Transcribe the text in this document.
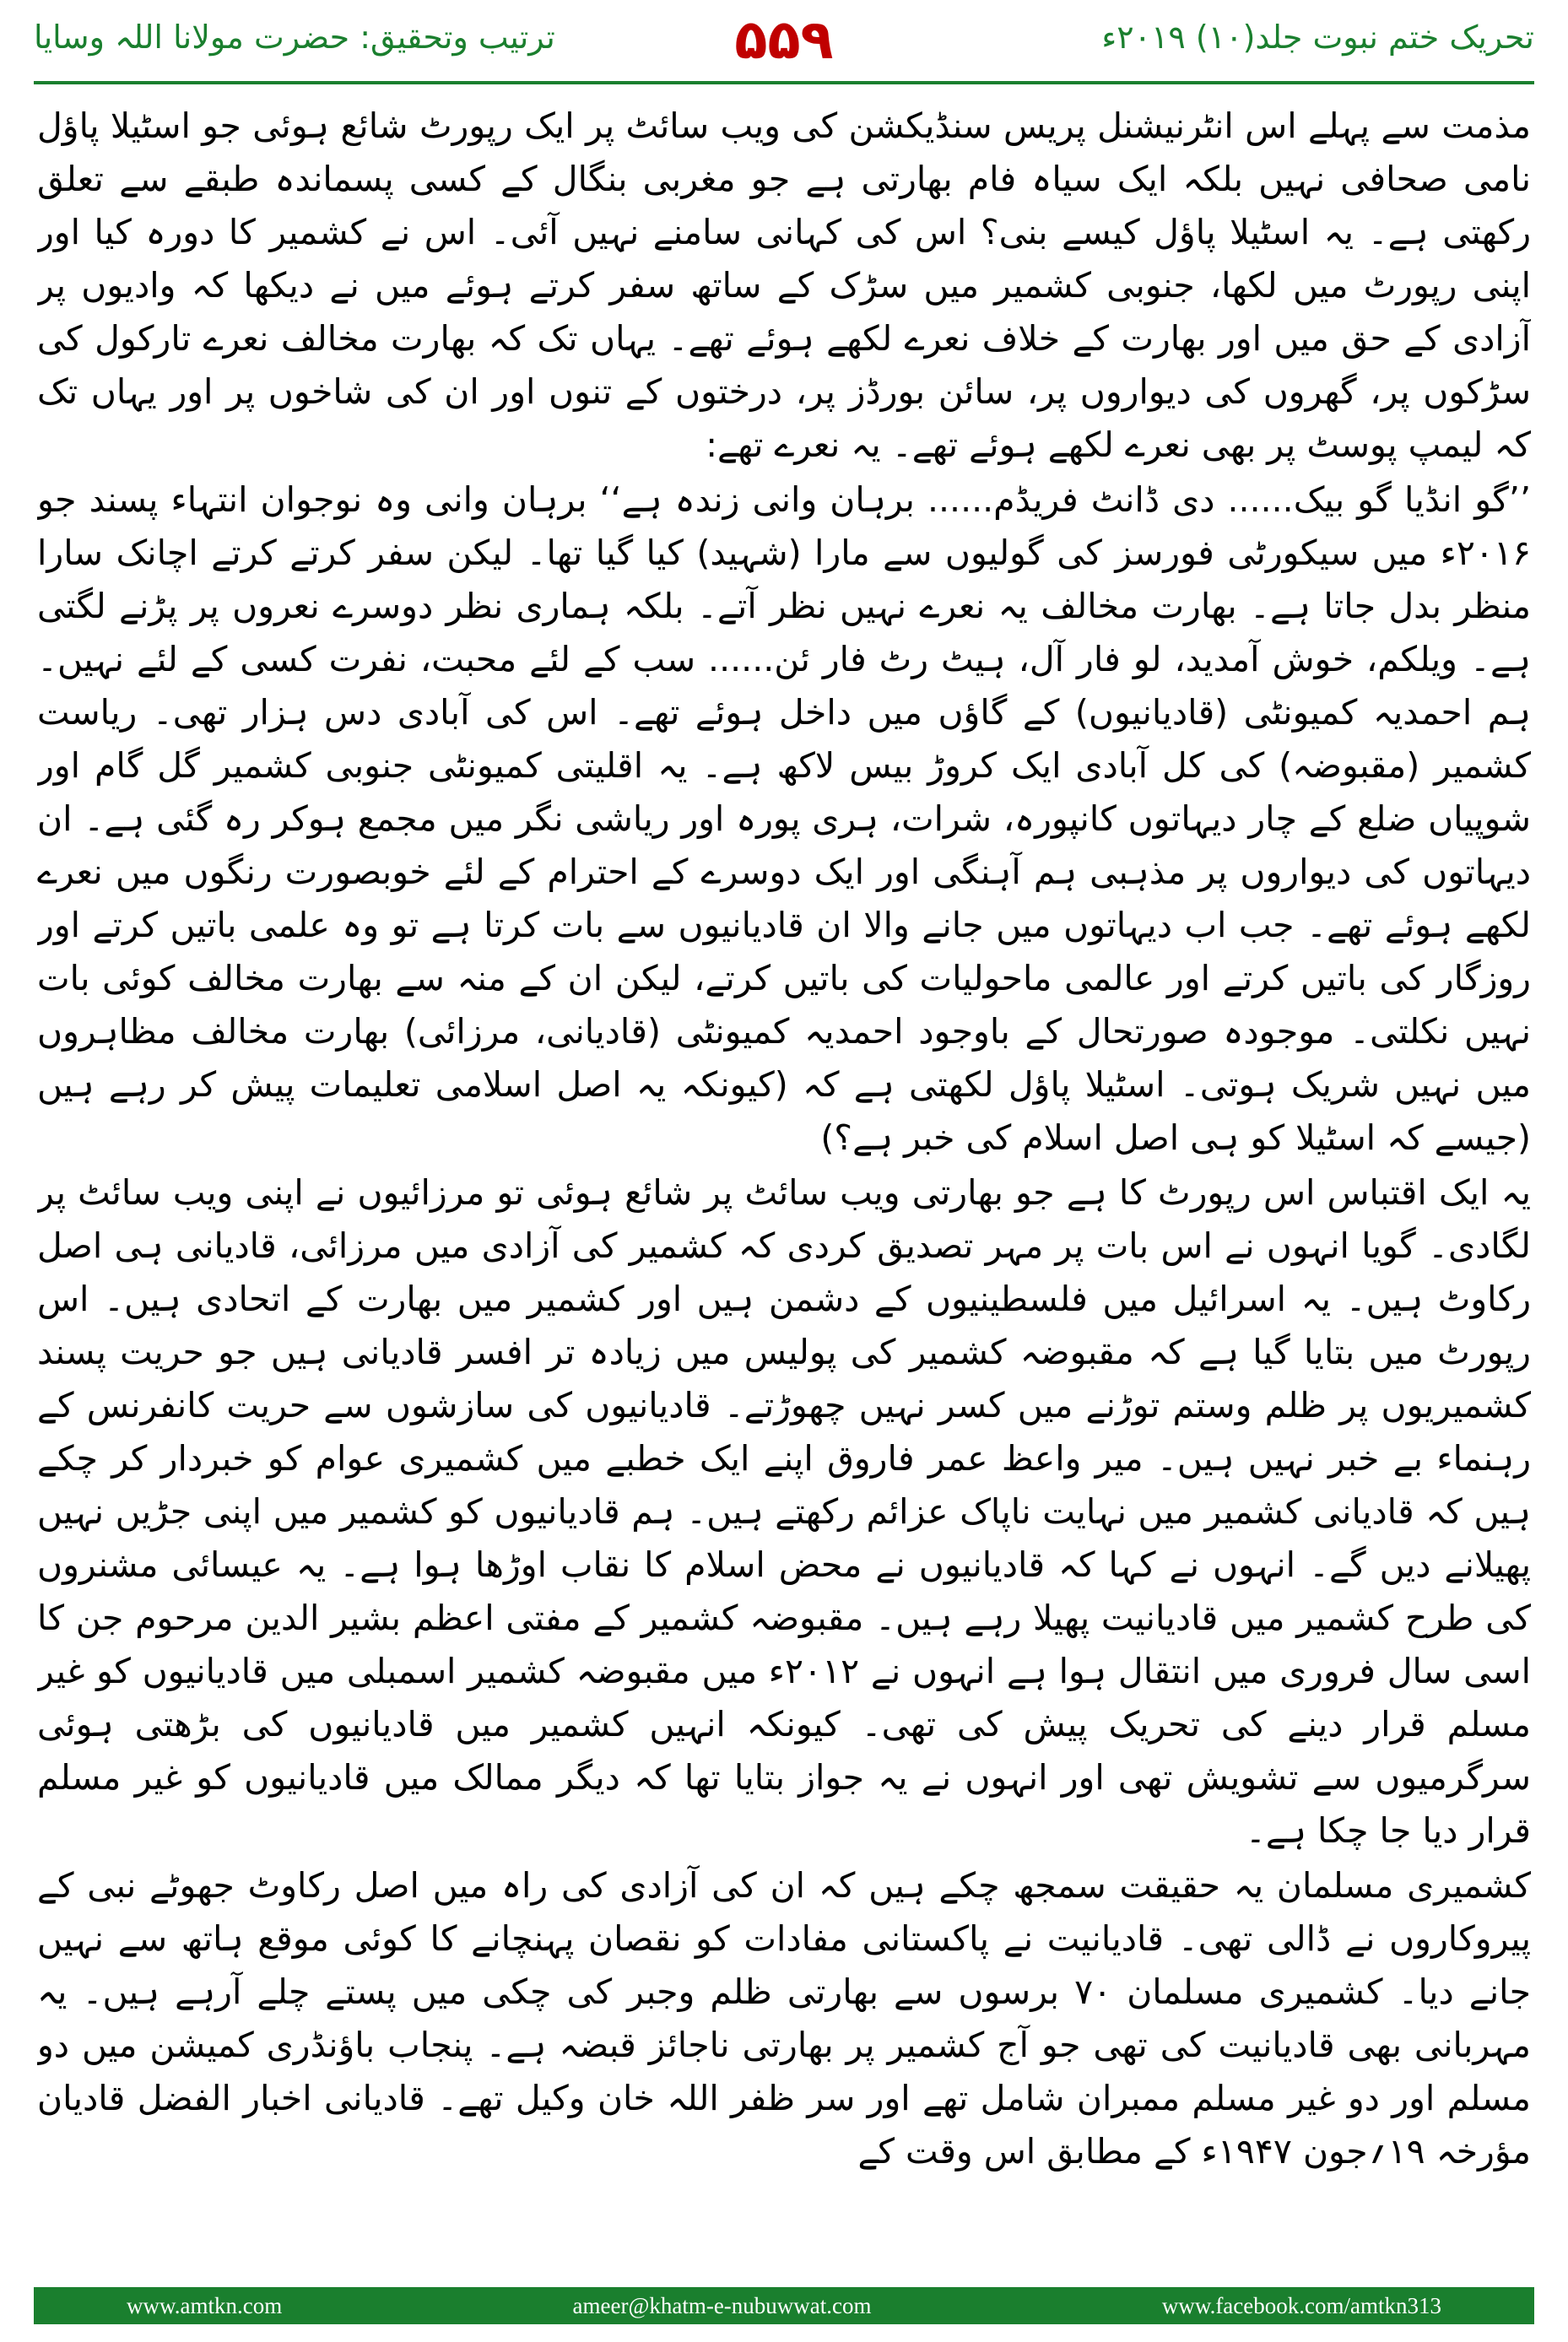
ترتیب وتحقیق: حضرت مولانا اللہ وسایا	۵۵۹	تحریک ختم نبوت جلد(۱۰) ۲۰۱۹ء

مذمت سے پہلے اس انٹرنیشنل پریس سنڈیکشن کی ویب سائٹ پر ایک رپورٹ شائع ہوئی جو اسٹیلا پاؤل نامی صحافی نہیں بلکہ ایک سیاہ فام بھارتی ہے جو مغربی بنگال کے کسی پسماندہ طبقے سے تعلق رکھتی ہے۔ یہ اسٹیلا پاؤل کیسے بنی؟ اس کی کہانی سامنے نہیں آئی۔ اس نے کشمیر کا دورہ کیا اور اپنی رپورٹ میں لکھا، جنوبی کشمیر میں سڑک کے ساتھ سفر کرتے ہوئے میں نے دیکھا کہ وادیوں پر آزادی کے حق میں اور بھارت کے خلاف نعرے لکھے ہوئے تھے۔ یہاں تک کہ بھارت مخالف نعرے تارکول کی سڑکوں پر، گھروں کی دیواروں پر، سائن بورڈز پر، درختوں کے تنوں اور ان کی شاخوں پر اور یہاں تک کہ لیمپ پوسٹ پر بھی نعرے لکھے ہوئے تھے۔ یہ نعرے تھے:

’’گو انڈیا گو بیک...... دی ڈانٹ فریڈم...... برہان وانی زندہ ہے‘‘ برہان وانی وہ نوجوان انتہاء پسند جو ۲۰۱۶ء میں سیکورٹی فورسز کی گولیوں سے مارا (شہید) کیا گیا تھا۔ لیکن سفر کرتے کرتے اچانک سارا منظر بدل جاتا ہے۔ بھارت مخالف یہ نعرے نہیں نظر آتے۔ بلکہ ہماری نظر دوسرے نعروں پر پڑنے لگتی ہے۔ ویلکم، خوش آمدید، لو فار آل، ہیٹ رٹ فار ئن...... سب کے لئے محبت، نفرت کسی کے لئے نہیں۔ ہم احمدیہ کمیونٹی (قادیانیوں) کے گاؤں میں داخل ہوئے تھے۔ اس کی آبادی دس ہزار تھی۔ ریاست کشمیر (مقبوضہ) کی کل آبادی ایک کروڑ بیس لاکھ ہے۔ یہ اقلیتی کمیونٹی جنوبی کشمیر گل گام اور شوپیاں ضلع کے چار دیہاتوں کانپورہ، شرات، ہری پورہ اور ریاشی نگر میں مجمع ہوکر رہ گئی ہے۔ ان دیہاتوں کی دیواروں پر مذہبی ہم آہنگی اور ایک دوسرے کے احترام کے لئے خوبصورت رنگوں میں نعرے لکھے ہوئے تھے۔ جب اب دیہاتوں میں جانے والا ان قادیانیوں سے بات کرتا ہے تو وہ علمی باتیں کرتے اور روزگار کی باتیں کرتے اور عالمی ماحولیات کی باتیں کرتے، لیکن ان کے منہ سے بھارت مخالف کوئی بات نہیں نکلتی۔ موجودہ صورتحال کے باوجود احمدیہ کمیونٹی (قادیانی، مرزائی) بھارت مخالف مظاہروں میں نہیں شریک ہوتی۔ اسٹیلا پاؤل لکھتی ہے کہ (کیونکہ یہ اصل اسلامی تعلیمات پیش کر رہے ہیں (جیسے کہ اسٹیلا کو ہی اصل اسلام کی خبر ہے؟)

یہ ایک اقتباس اس رپورٹ کا ہے جو بھارتی ویب سائٹ پر شائع ہوئی تو مرزائیوں نے اپنی ویب سائٹ پر لگادی۔ گویا انہوں نے اس بات پر مہر تصدیق کردی کہ کشمیر کی آزادی میں مرزائی، قادیانی ہی اصل رکاوٹ ہیں۔ یہ اسرائیل میں فلسطینیوں کے دشمن ہیں اور کشمیر میں بھارت کے اتحادی ہیں۔ اس رپورٹ میں بتایا گیا ہے کہ مقبوضہ کشمیر کی پولیس میں زیادہ تر افسر قادیانی ہیں جو حریت پسند کشمیریوں پر ظلم وستم توڑنے میں کسر نہیں چھوڑتے۔ قادیانیوں کی سازشوں سے حریت کانفرنس کے رہنماء بے خبر نہیں ہیں۔ میر واعظ عمر فاروق اپنے ایک خطبے میں کشمیری عوام کو خبردار کر چکے ہیں کہ قادیانی کشمیر میں نہایت ناپاک عزائم رکھتے ہیں۔ ہم قادیانیوں کو کشمیر میں اپنی جڑیں نہیں پھیلانے دیں گے۔ انہوں نے کہا کہ قادیانیوں نے محض اسلام کا نقاب اوڑھا ہوا ہے۔ یہ عیسائی مشنروں کی طرح کشمیر میں قادیانیت پھیلا رہے ہیں۔ مقبوضہ کشمیر کے مفتی اعظم بشیر الدین مرحوم جن کا اسی سال فروری میں انتقال ہوا ہے انہوں نے ۲۰۱۲ء میں مقبوضہ کشمیر اسمبلی میں قادیانیوں کو غیر مسلم قرار دینے کی تحریک پیش کی تھی۔ کیونکہ انہیں کشمیر میں قادیانیوں کی بڑھتی ہوئی سرگرمیوں سے تشویش تھی اور انہوں نے یہ جواز بتایا تھا کہ دیگر ممالک میں قادیانیوں کو غیر مسلم قرار دیا جا چکا ہے۔

کشمیری مسلمان یہ حقیقت سمجھ چکے ہیں کہ ان کی آزادی کی راہ میں اصل رکاوٹ جھوٹے نبی کے پیروکاروں نے ڈالی تھی۔ قادیانیت نے پاکستانی مفادات کو نقصان پہنچانے کا کوئی موقع ہاتھ سے نہیں جانے دیا۔ کشمیری مسلمان ۷۰ برسوں سے بھارتی ظلم وجبر کی چکی میں پستے چلے آرہے ہیں۔ یہ مہربانی بھی قادیانیت کی تھی جو آج کشمیر پر بھارتی ناجائز قبضہ ہے۔ پنجاب باؤنڈری کمیشن میں دو مسلم اور دو غیر مسلم ممبران شامل تھے اور سر ظفر اللہ خان وکیل تھے۔ قادیانی اخبار الفضل قادیان مؤرخہ ۱۹؍جون ۱۹۴۷ء کے مطابق اس وقت کے

www.amtkn.com	ameer@khatm-e-nubuwwat.com	www.facebook.com/amtkn313
